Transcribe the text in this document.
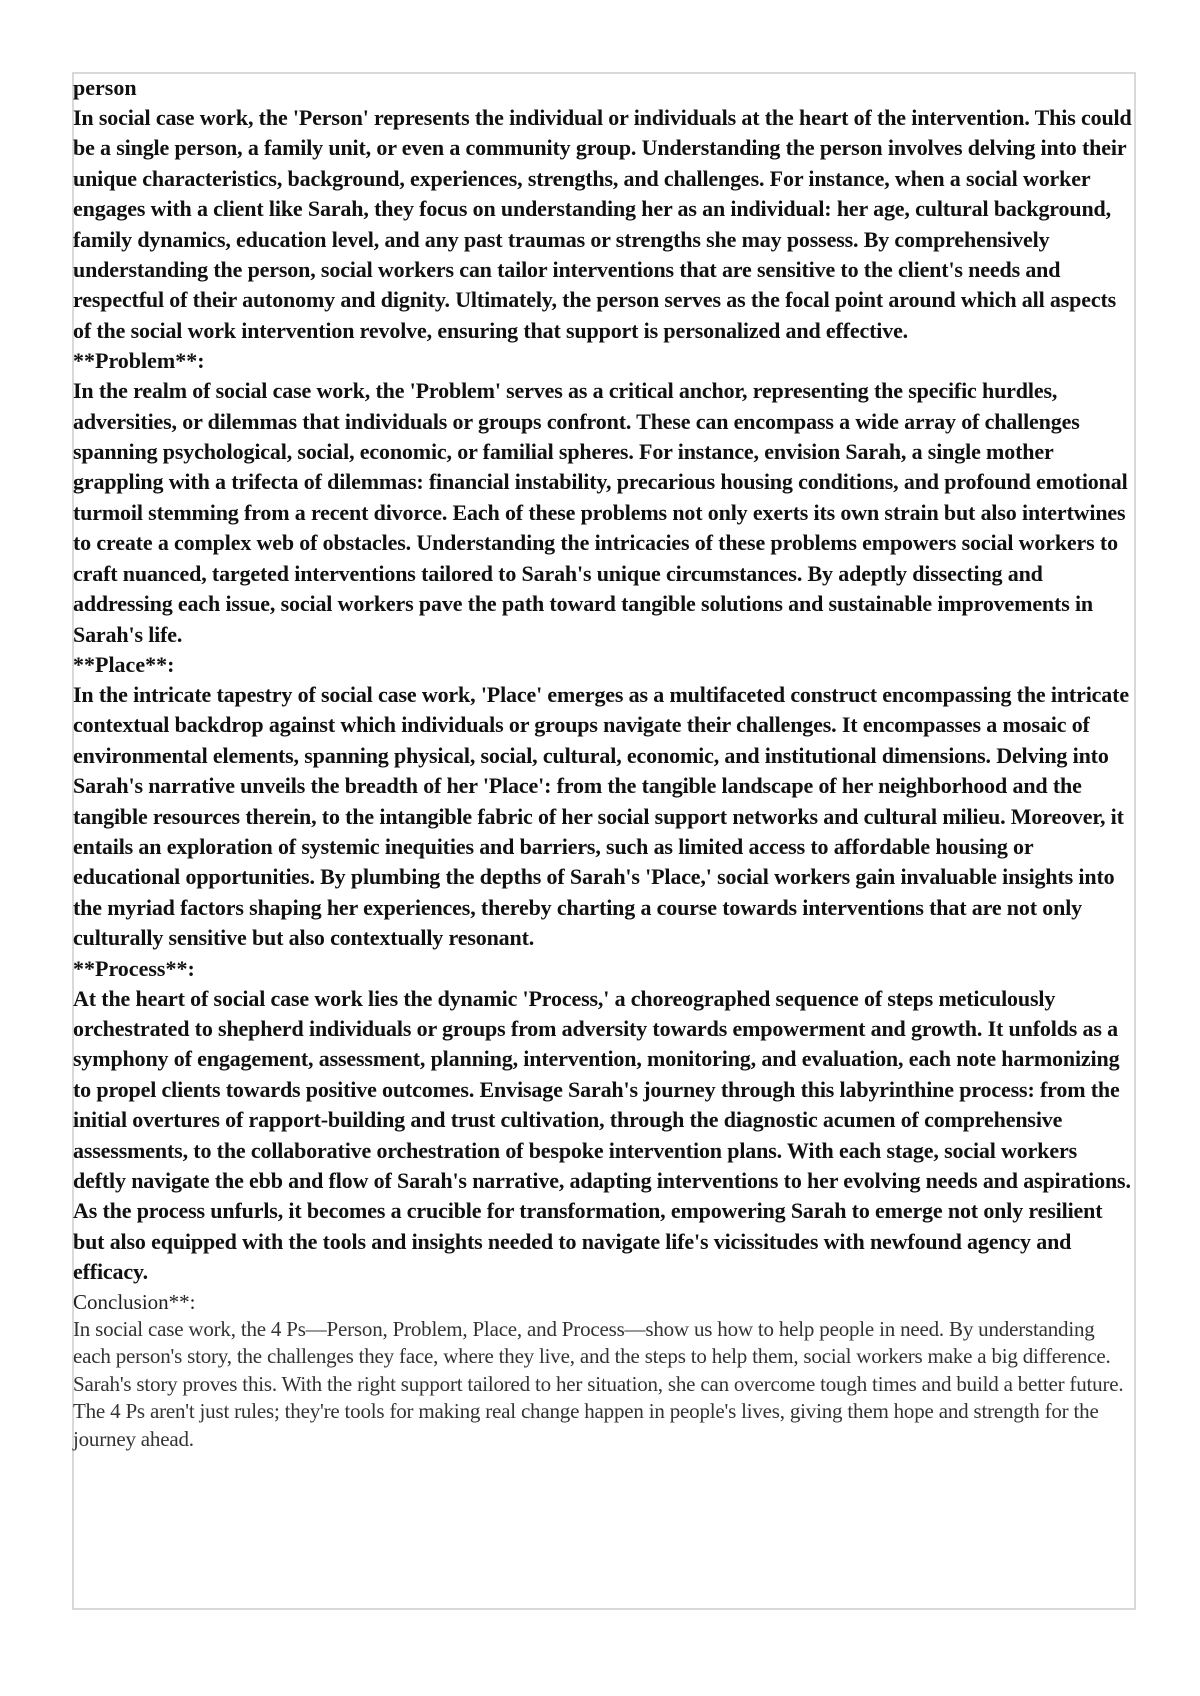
person

In social case work, the 'Person' represents the individual or individuals at the heart of the intervention. This could be a single person, a family unit, or even a community group. Understanding the person involves delving into their unique characteristics, background, experiences, strengths, and challenges. For instance, when a social worker engages with a client like Sarah, they focus on understanding her as an individual: her age, cultural background, family dynamics, education level, and any past traumas or strengths she may possess. By comprehensively understanding the person, social workers can tailor interventions that are sensitive to the client's needs and respectful of their autonomy and dignity. Ultimately, the person serves as the focal point around which all aspects of the social work intervention revolve, ensuring that support is personalized and effective.

**Problem**:

In the realm of social case work, the 'Problem' serves as a critical anchor, representing the specific hurdles, adversities, or dilemmas that individuals or groups confront. These can encompass a wide array of challenges spanning psychological, social, economic, or familial spheres. For instance, envision Sarah, a single mother grappling with a trifecta of dilemmas: financial instability, precarious housing conditions, and profound emotional turmoil stemming from a recent divorce. Each of these problems not only exerts its own strain but also intertwines to create a complex web of obstacles. Understanding the intricacies of these problems empowers social workers to craft nuanced, targeted interventions tailored to Sarah's unique circumstances. By adeptly dissecting and addressing each issue, social workers pave the path toward tangible solutions and sustainable improvements in Sarah's life.

**Place**:

In the intricate tapestry of social case work, 'Place' emerges as a multifaceted construct encompassing the intricate contextual backdrop against which individuals or groups navigate their challenges. It encompasses a mosaic of environmental elements, spanning physical, social, cultural, economic, and institutional dimensions. Delving into Sarah's narrative unveils the breadth of her 'Place': from the tangible landscape of her neighborhood and the tangible resources therein, to the intangible fabric of her social support networks and cultural milieu. Moreover, it entails an exploration of systemic inequities and barriers, such as limited access to affordable housing or educational opportunities. By plumbing the depths of Sarah's 'Place,' social workers gain invaluable insights into the myriad factors shaping her experiences, thereby charting a course towards interventions that are not only culturally sensitive but also contextually resonant.

**Process**:

At the heart of social case work lies the dynamic 'Process,' a choreographed sequence of steps meticulously orchestrated to shepherd individuals or groups from adversity towards empowerment and growth. It unfolds as a symphony of engagement, assessment, planning, intervention, monitoring, and evaluation, each note harmonizing to propel clients towards positive outcomes. Envisage Sarah's journey through this labyrinthine process: from the initial overtures of rapport-building and trust cultivation, through the diagnostic acumen of comprehensive assessments, to the collaborative orchestration of bespoke intervention plans. With each stage, social workers deftly navigate the ebb and flow of Sarah's narrative, adapting interventions to her evolving needs and aspirations. As the process unfurls, it becomes a crucible for transformation, empowering Sarah to emerge not only resilient but also equipped with the tools and insights needed to navigate life's vicissitudes with newfound agency and efficacy.

Conclusion**:

In social case work, the 4 Ps—Person, Problem, Place, and Process—show us how to help people in need. By understanding each person's story, the challenges they face, where they live, and the steps to help them, social workers make a big difference. Sarah's story proves this. With the right support tailored to her situation, she can overcome tough times and build a better future. The 4 Ps aren't just rules; they're tools for making real change happen in people's lives, giving them hope and strength for the journey ahead.
